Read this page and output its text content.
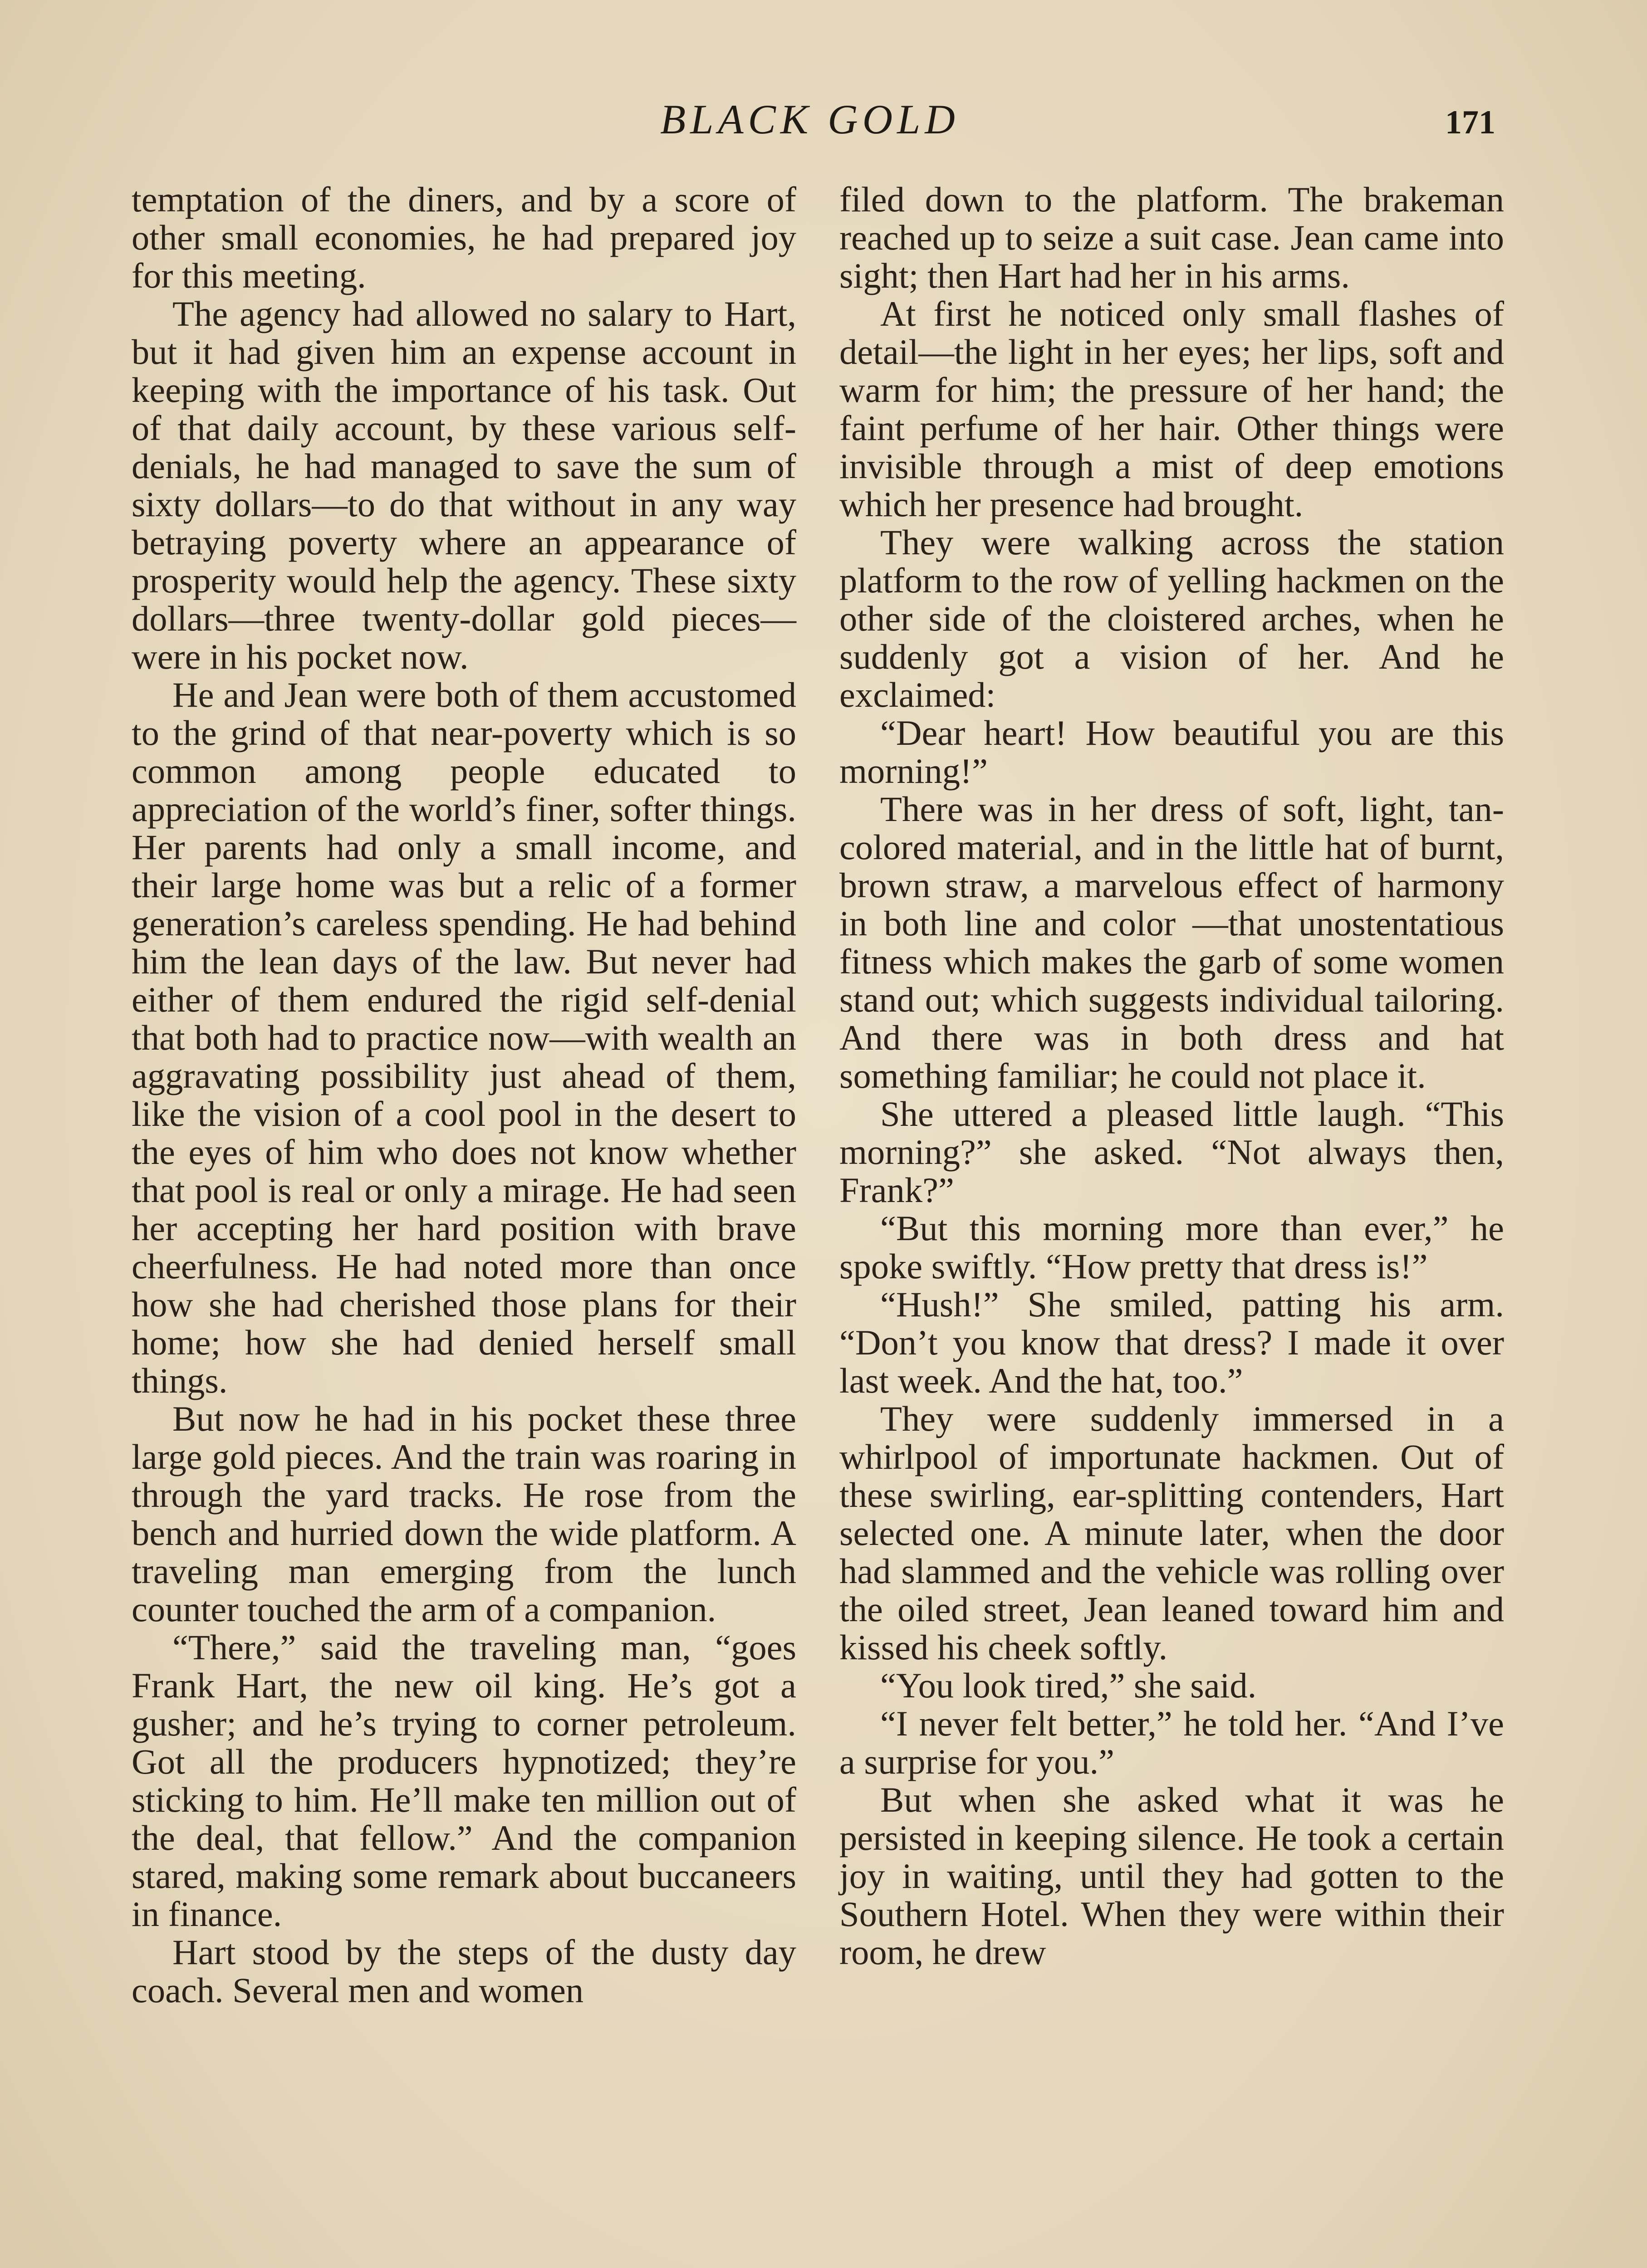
BLACK GOLD	171

temptation of the diners, and by a score of other small economies, he had prepared joy for this meeting.

The agency had allowed no salary to Hart, but it had given him an expense account in keeping with the importance of his task. Out of that daily account, by these various self-denials, he had managed to save the sum of sixty dollars—to do that without in any way betraying poverty where an appearance of prosperity would help the agency. These sixty dollars—three twenty-dollar gold pieces—were in his pocket now.

He and Jean were both of them accustomed to the grind of that near-poverty which is so common among people educated to appreciation of the world’s finer, softer things. Her parents had only a small income, and their large home was but a relic of a former generation’s careless spending. He had behind him the lean days of the law. But never had either of them endured the rigid self-denial that both had to practice now—with wealth an aggravating possibility just ahead of them, like the vision of a cool pool in the desert to the eyes of him who does not know whether that pool is real or only a mirage. He had seen her accepting her hard position with brave cheerfulness. He had noted more than once how she had cherished those plans for their home; how she had denied herself small things.

But now he had in his pocket these three large gold pieces. And the train was roaring in through the yard tracks. He rose from the bench and hurried down the wide platform. A traveling man emerging from the lunch counter touched the arm of a companion.

“There,” said the traveling man, “goes Frank Hart, the new oil king. He’s got a gusher; and he’s trying to corner petroleum. Got all the producers hypnotized; they’re sticking to him. He’ll make ten million out of the deal, that fellow.” And the companion stared, making some remark about buccaneers in finance.

Hart stood by the steps of the dusty day coach. Several men and women

filed down to the platform. The brakeman reached up to seize a suit case. Jean came into sight; then Hart had her in his arms.

At first he noticed only small flashes of detail—the light in her eyes; her lips, soft and warm for him; the pressure of her hand; the faint perfume of her hair. Other things were invisible through a mist of deep emotions which her presence had brought.

They were walking across the station platform to the row of yelling hackmen on the other side of the cloistered arches, when he suddenly got a vision of her. And he exclaimed:

“Dear heart! How beautiful you are this morning!”

There was in her dress of soft, light, tan-colored material, and in the little hat of burnt, brown straw, a marvelous effect of harmony in both line and color —that unostentatious fitness which makes the garb of some women stand out; which suggests individual tailoring. And there was in both dress and hat something familiar; he could not place it.

She uttered a pleased little laugh. “This morning?” she asked. “Not always then, Frank?”

“But this morning more than ever,” he spoke swiftly. “How pretty that dress is!”

“Hush!” She smiled, patting his arm. “Don’t you know that dress? I made it over last week. And the hat, too.”

They were suddenly immersed in a whirlpool of importunate hackmen. Out of these swirling, ear-splitting contenders, Hart selected one. A minute later, when the door had slammed and the vehicle was rolling over the oiled street, Jean leaned toward him and kissed his cheek softly.

“You look tired,” she said.

“I never felt better,” he told her. “And I’ve a surprise for you.”

But when she asked what it was he persisted in keeping silence. He took a certain joy in waiting, until they had gotten to the Southern Hotel. When they were within their room, he drew
